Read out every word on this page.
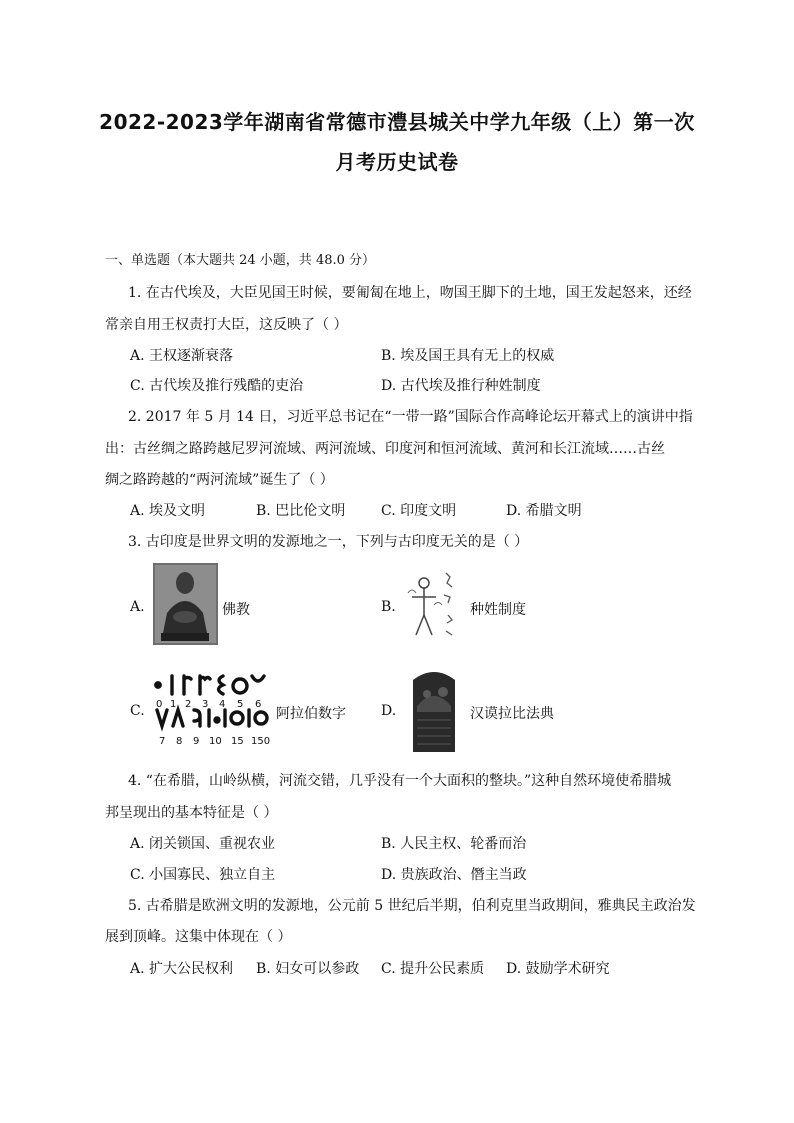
2022-2023学年湖南省常德市澧县城关中学九年级（上）第一次
月考历史试卷
一、单选题（本大题共 24 小题，共 48.0 分）
1. 在古代埃及，大臣见国王时候，要匍匐在地上，吻国王脚下的土地，国王发起怒来，还经
常亲自用王权责打大臣，这反映了（ ）
A. 王权逐渐衰落	B. 埃及国王具有无上的权威
C. 古代埃及推行残酷的吏治	D. 古代埃及推行种姓制度
2. 2017 年 5 月 14 日，习近平总书记在“一带一路”国际合作高峰论坛开幕式上的演讲中指
出：古丝绸之路跨越尼罗河流域、两河流域、印度河和恒河流域、黄河和长江流域……古丝
绸之路跨越的“两河流域”诞生了（ ）
A. 埃及文明	B. 巴比伦文明	C. 印度文明	D. 希腊文明
3. 古印度是世界文明的发源地之一，下列与古印度无关的是（ ）
A.	佛教	B.	种姓制度
C. 0 1 2 3 4 5 6
7 8 9 10 15 150
阿拉伯数字	D.	汉谟拉比法典
4. “在希腊，山岭纵横，河流交错，几乎没有一个大面积的整块。”这种自然环境使希腊城
邦呈现出的基本特征是（ ）
A. 闭关锁国、重视农业	B. 人民主权、轮番而治
C. 小国寡民、独立自主	D. 贵族政治、僭主当政
5. 古希腊是欧洲文明的发源地，公元前 5 世纪后半期，伯利克里当政期间，雅典民主政治发
展到顶峰。这集中体现在（ ）
A. 扩大公民权利 B. 妇女可以参政 C. 提升公民素质 D. 鼓励学术研究
